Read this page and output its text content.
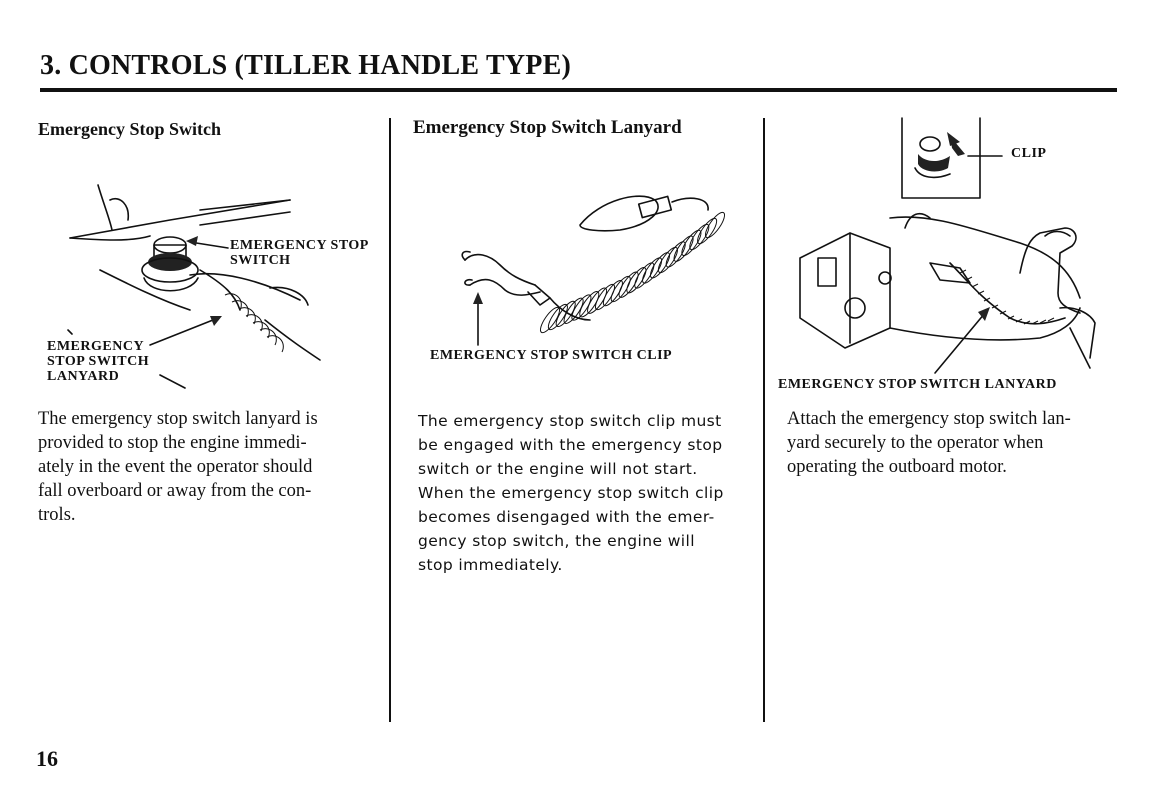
3. CONTROLS (TILLER HANDLE TYPE)
Emergency Stop Switch
EMERGENCY STOP
SWITCH
EMERGENCY
STOP SWITCH
LANYARD
The emergency stop switch lanyard is
provided to stop the engine immedi-
ately in the event the operator should
fall overboard or away from the con-
trols.
Emergency Stop Switch Lanyard
EMERGENCY STOP SWITCH CLIP
The emergency stop switch clip must
be engaged with the emergency stop
switch or the engine will not start.
When the emergency stop switch clip
becomes disengaged with the emer-
gency stop switch, the engine will
stop immediately.
CLIP
EMERGENCY STOP SWITCH LANYARD
Attach the emergency stop switch lan-
yard securely to the operator when
operating the outboard motor.
16
